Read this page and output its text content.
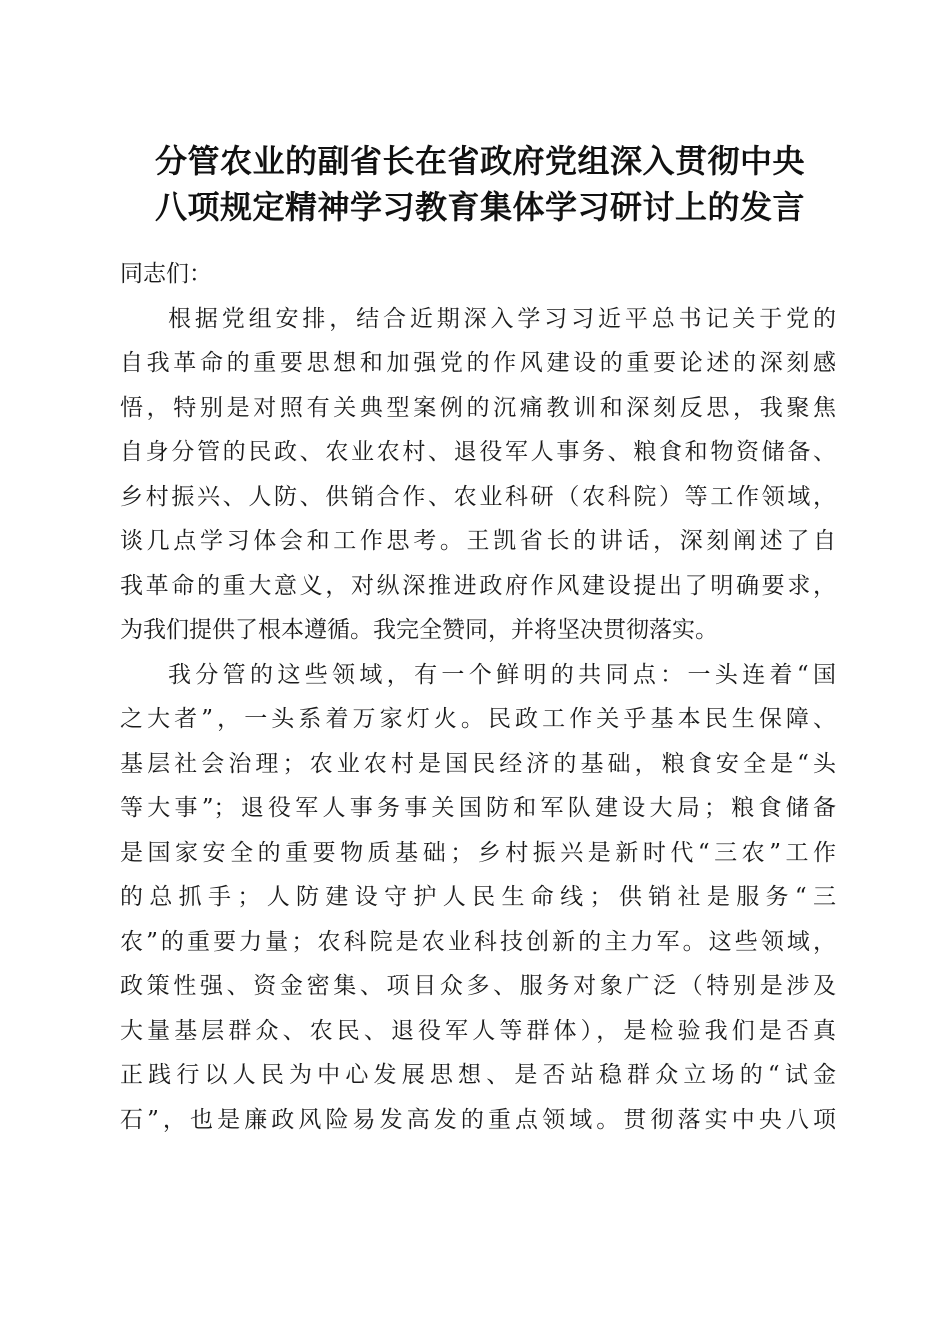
分管农业的副省长在省政府党组深入贯彻中央
八项规定精神学习教育集体学习研讨上的发言
同志们：
根据党组安排，结合近期深入学习习近平总书记关于党的
自我革命的重要思想和加强党的作风建设的重要论述的深刻感
悟，特别是对照有关典型案例的沉痛教训和深刻反思，我聚焦
自身分管的民政、农业农村、退役军人事务、粮食和物资储备、
乡村振兴、人防、供销合作、农业科研（农科院）等工作领域，
谈几点学习体会和工作思考。王凯省长的讲话，深刻阐述了自
我革命的重大意义，对纵深推进政府作风建设提出了明确要求，
为我们提供了根本遵循。我完全赞同，并将坚决贯彻落实。
我分管的这些领域，有一个鲜明的共同点：一头连着“国
之大者”，一头系着万家灯火。民政工作关乎基本民生保障、
基层社会治理；农业农村是国民经济的基础，粮食安全是“头
等大事”；退役军人事务事关国防和军队建设大局；粮食储备
是国家安全的重要物质基础；乡村振兴是新时代“三农”工作
的总抓手；人防建设守护人民生命线；供销社是服务“三
农”的重要力量；农科院是农业科技创新的主力军。这些领域，
政策性强、资金密集、项目众多、服务对象广泛（特别是涉及
大量基层群众、农民、退役军人等群体），是检验我们是否真
正践行以人民为中心发展思想、是否站稳群众立场的“试金
石”，也是廉政风险易发高发的重点领域。贯彻落实中央八项
